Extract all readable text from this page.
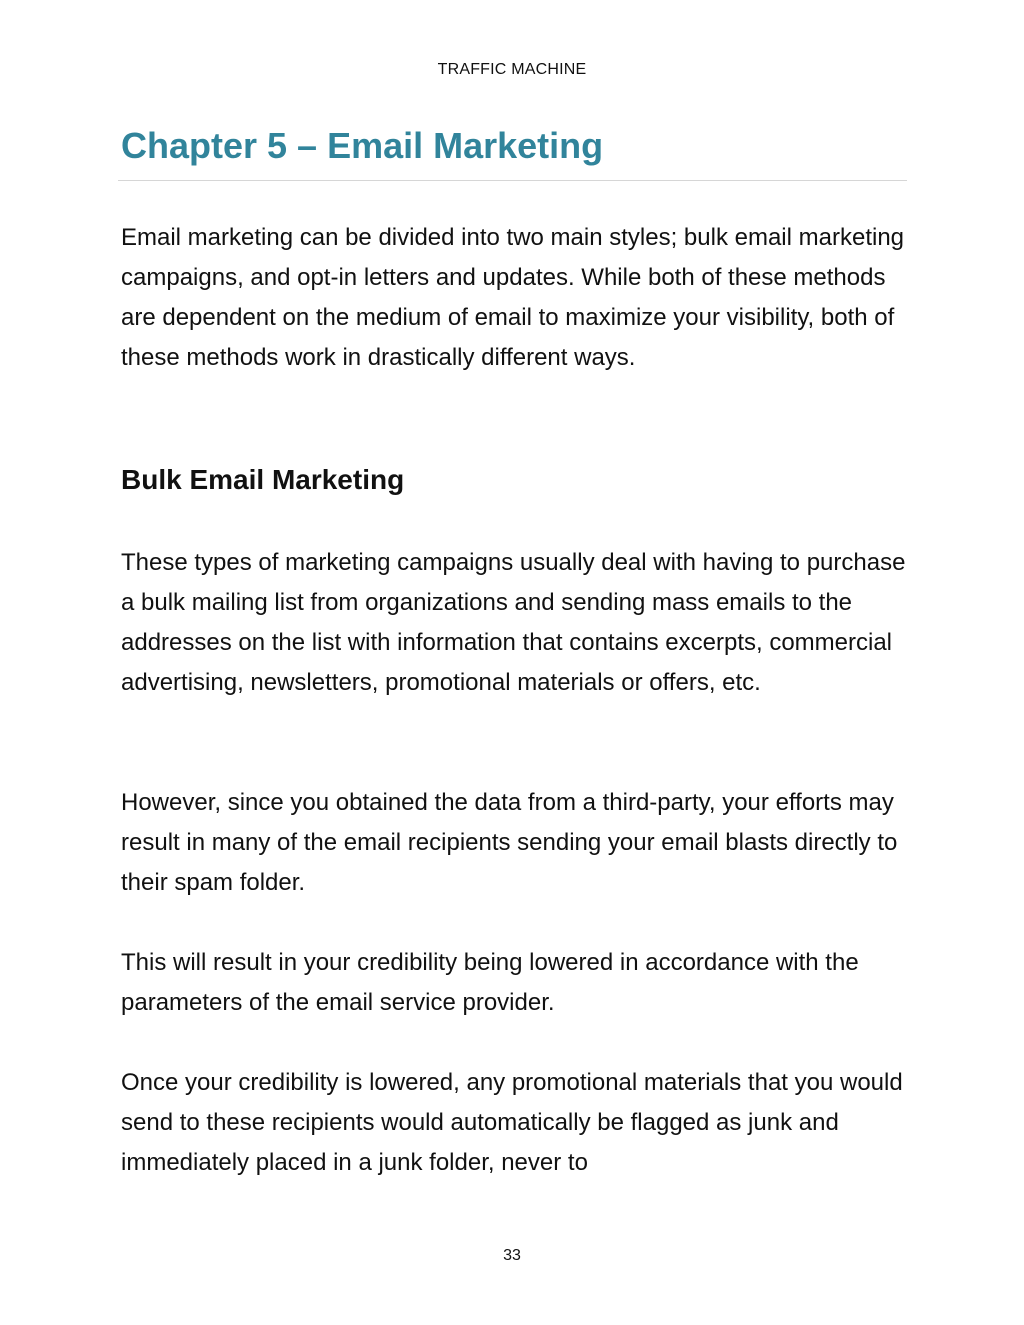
TRAFFIC MACHINE
Chapter 5 – Email Marketing

Email marketing can be divided into two main styles; bulk email marketing campaigns, and opt-in letters and updates. While both of these methods are dependent on the medium of email to maximize your visibility, both of these methods work in drastically different ways.

Bulk Email Marketing

These types of marketing campaigns usually deal with having to purchase a bulk mailing list from organizations and sending mass emails to the addresses on the list with information that contains excerpts, commercial advertising, newsletters, promotional materials or offers, etc.

However, since you obtained the data from a third-party, your efforts may result in many of the email recipients sending your email blasts directly to their spam folder.

This will result in your credibility being lowered in accordance with the parameters of the email service provider.

Once your credibility is lowered, any promotional materials that you would send to these recipients would automatically be flagged as junk and immediately placed in a junk folder, never to

33
